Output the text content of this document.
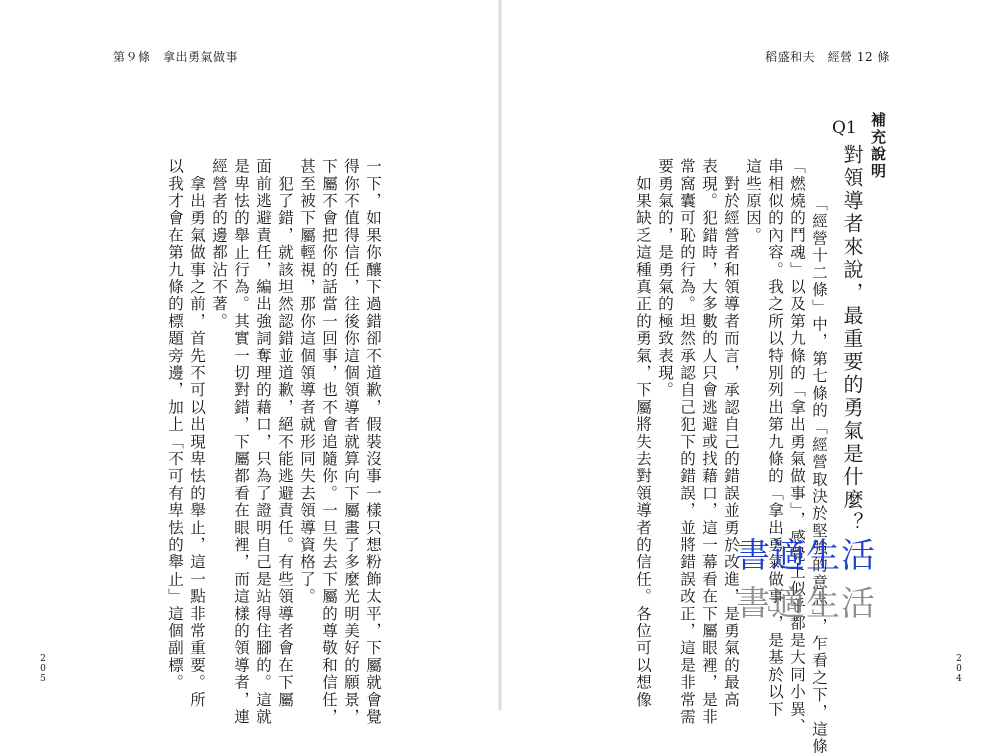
第９條　拿出勇氣做事
205	一下，如果你釀下過錯卻不道歉，假裝沒事一樣只想粉飾太平，下屬就會覺
得你不值得信任，往後你這個領導者就算向下屬畫了多麼光明美好的願景，
下屬不會把你的話當一回事，也不會追隨你。一旦失去下屬的尊敬和信任，
甚至被下屬輕視，那你這個領導者就形同失去領導資格了。
　犯了錯，就該坦然認錯並道歉，絕不能逃避責任。有些領導者會在下屬
面前逃避責任，編出強詞奪理的藉口，只為了證明自己是站得住腳的。這就
是卑怯的舉止行為。其實一切對錯，下屬都看在眼裡，而這樣的領導者，連
經營者的邊都沾不著。
　拿出勇氣做事之前，首先不可以出現卑怯的舉止，這一點非常重要。所
以我才會在第九條的標題旁邊，加上「不可有卑怯的舉止」這個副標。
稻盛和夫　經營 12 條
204
補充說明
Q1
對領導者來說，最重要的勇氣是什麼？
　「經營十二條」中，第七條的「經營取決於堅強的意志」，乍看之下，這條
「燃燒的鬥魂」以及第九條的「拿出勇氣做事」，感覺上似乎都是大同小異、
串相似的內容。我之所以特別列出第九條的「拿出勇氣做事」，是基於以下
這些原因。
　對於經營者和領導者而言，承認自己的錯誤並勇於改進，是勇氣的最高
表現。犯錯時，大多數的人只會逃避或找藉口，這一幕看在下屬眼裡，是非
常窩囊可恥的行為。坦然承認自己犯下的錯誤，並將錯誤改正，這是非常需
要勇氣的，是勇氣的極致表現。
　如果缺乏這種真正的勇氣，下屬將失去對領導者的信任。各位可以想像 書適生活
書適生活
